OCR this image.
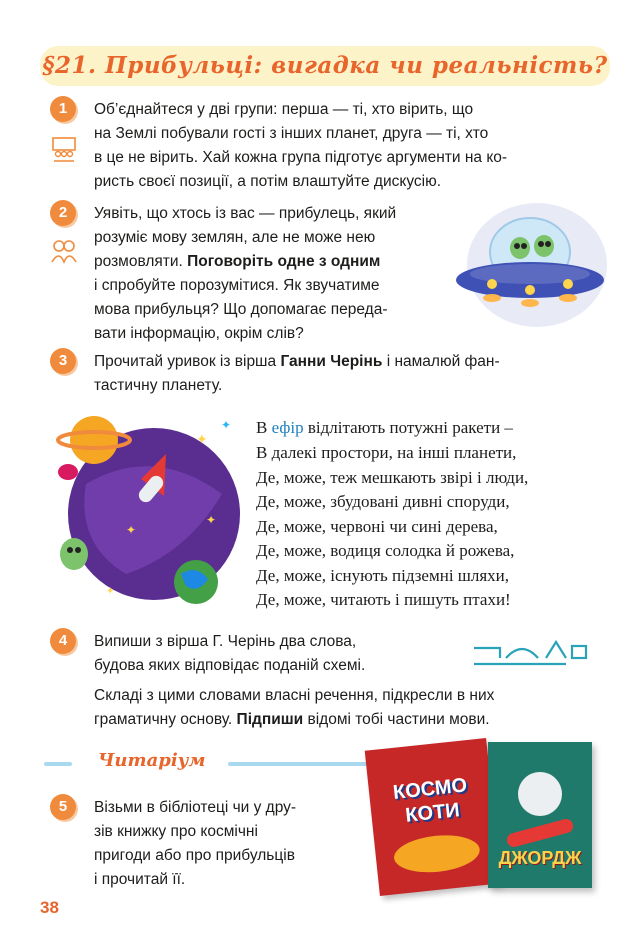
§21. Прибульці: вигадка чи реальність?
1	Об’єднайтеся у дві групи: перша — ті, хто вірить, що
на Землі побували гості з інших планет, друга — ті, хто
в це не вірить. Хай кожна група підготує аргументи на ко-
ристь своєї позиції, а потім влаштуйте дискусію.
2	Уявіть, що хтось із вас — прибулець, який
розуміє мову землян, але не може нею
розмовляти. Поговоріть одне з одним
і спробуйте порозумітися. Як звучатиме
мова прибульця? Що допомагає переда-
вати інформацію, окрім слів?
3	Прочитай уривок із вірша Ганни Черінь і намалюй фан-
тастичну планету.
✦
✦
✦
✦
✦ В ефір відлітають потужні ракети –
В далекі простори, на інші планети,
Де, може, теж мешкають звірі і люди,
Де, може, збудовані дивні споруди,
Де, може, червоні чи сині дерева,
Де, може, водиця солодка й рожева,
Де, може, існують підземні шляхи,
Де, може, читають і пишуть птахи!
4	Випиши з вірша Г. Черінь два слова,
будова яких відповідає поданій схемі.
Складі з цими словами власні речення, підкресли в них
граматичну основу. Підпиши відомі тобі частини мови.
Читаріум
5	Візьми в бібліотеці чи у дру-
зів книжку про космічні
пригоди або про прибульців
і прочитай її.
КОСМО
КОТИ
ДЖОРДЖ
38
